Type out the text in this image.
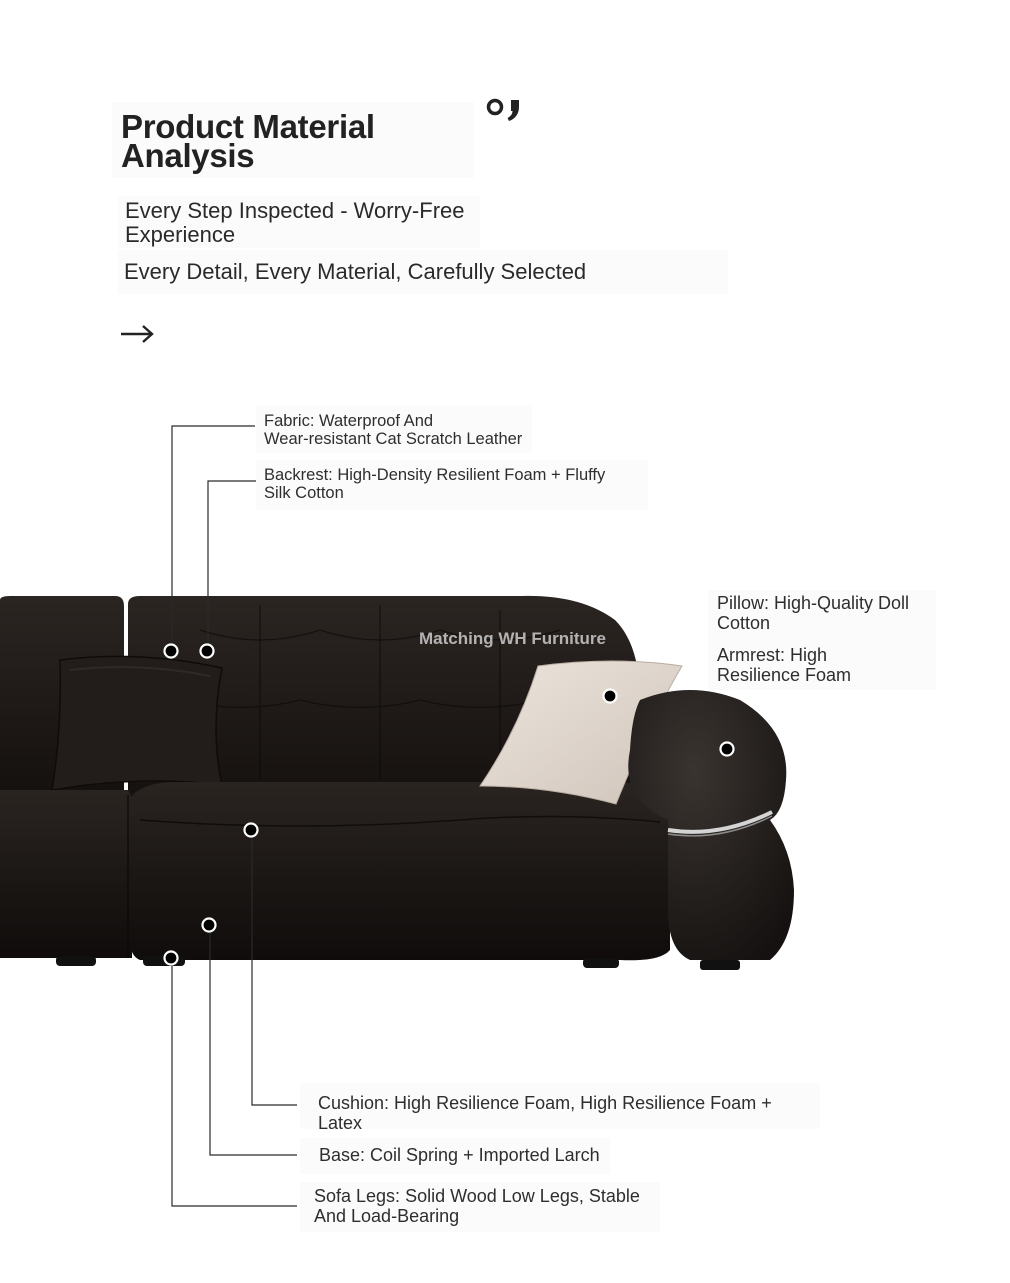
Product Material
Analysis
Every Step Inspected - Worry-Free
Experience
Every Detail, Every Material, Carefully Selected
Matching WH Furniture
Fabric: Waterproof And
Wear-resistant Cat Scratch Leather
Backrest: High-Density Resilient Foam + Fluffy
Silk Cotton
Pillow: High-Quality Doll
Cotton
Armrest: High
Resilience Foam
Cushion: High Resilience Foam, High Resilience Foam + Latex
Base: Coil Spring + Imported Larch
Sofa Legs: Solid Wood Low Legs, Stable
And Load-Bearing
